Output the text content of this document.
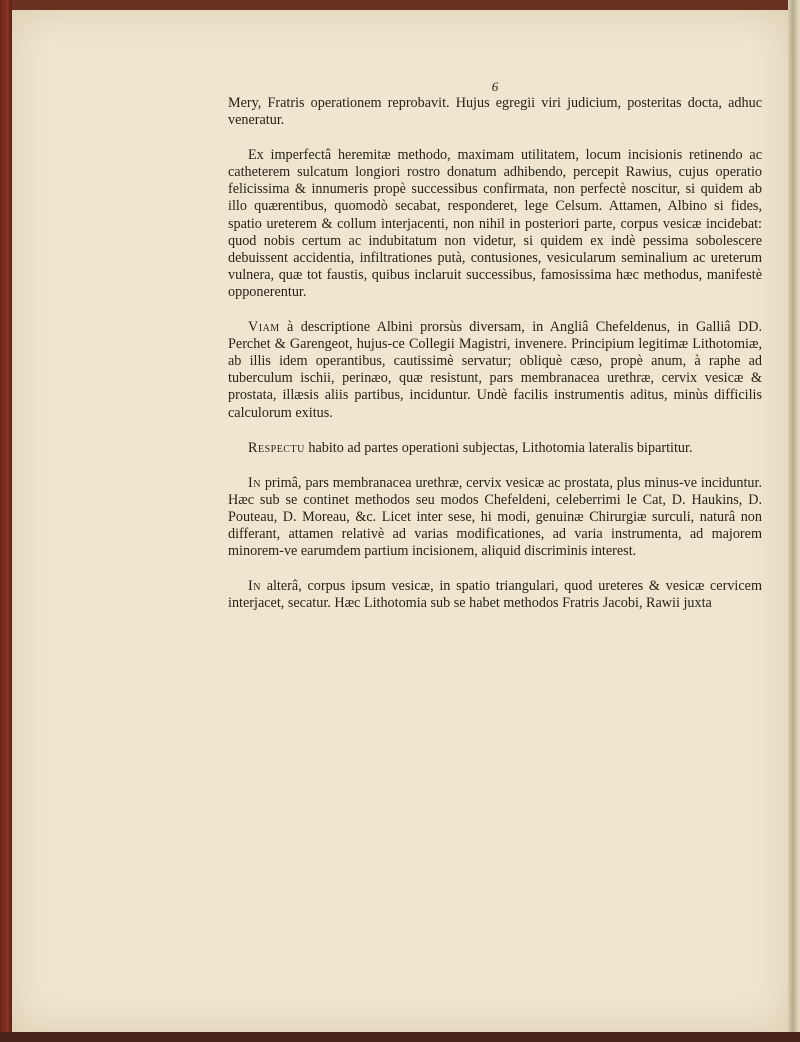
6

Mery, Fratris operationem reprobavit. Hujus egregii viri judicium, posteritas docta, adhuc veneratur.

Ex imperfectâ heremitæ methodo, maximam utilitatem, locum incisionis retinendo ac catheterem sulcatum longiori rostro donatum adhibendo, percepit Rawius, cujus operatio felicissima & innumeris propè successibus confirmata, non perfectè noscitur, si quidem ab illo quærentibus, quomodò secabat, responderet, lege Celsum. Attamen, Albino si fides, spatio ureterem & collum interjacenti, non nihil in posteriori parte, corpus vesicæ incidebat: quod nobis certum ac indubitatum non videtur, si quidem ex indè pessima sobolescere debuissent accidentia, infiltrationes putà, contusiones, vesicularum seminalium ac ureterum vulnera, quæ tot faustis, quibus inclaruit successibus, famosissima hæc methodus, manifestè opponerentur.

Viam à descriptione Albini prorsùs diversam, in Angliâ Chefeldenus, in Galliâ DD. Perchet & Garengeot, hujus-ce Collegii Magistri, invenere. Principium legitimæ Lithotomiæ, ab illis idem operantibus, cautissimè servatur; obliquè cæso, propè anum, à raphe ad tuberculum ischii, perinæo, quæ resistunt, pars membranacea urethræ, cervix vesicæ & prostata, illæsis aliis partibus, inciduntur. Undè facilis instrumentis aditus, minùs difficilis calculorum exitus.

Respectu habito ad partes operationi subjectas, Lithotomia lateralis bipartitur.

In primâ, pars membranacea urethræ, cervix vesicæ ac prostata, plus minus-ve inciduntur. Hæc sub se continet methodos seu modos Chefeldeni, celeberrimi le Cat, D. Haukins, D. Pouteau, D. Moreau, &c. Licet inter sese, hi modi, genuinæ Chirurgiæ surculi, naturâ non differant, attamen relativè ad varias modificationes, ad varia instrumenta, ad majorem minorem-ve earumdem partium incisionem, aliquid discriminis interest.

In alterâ, corpus ipsum vesicæ, in spatio triangulari, quod ureteres & vesicæ cervicem interjacet, secatur. Hæc Lithotomia sub se habet methodos Fratris Jacobi, Rawii juxta
